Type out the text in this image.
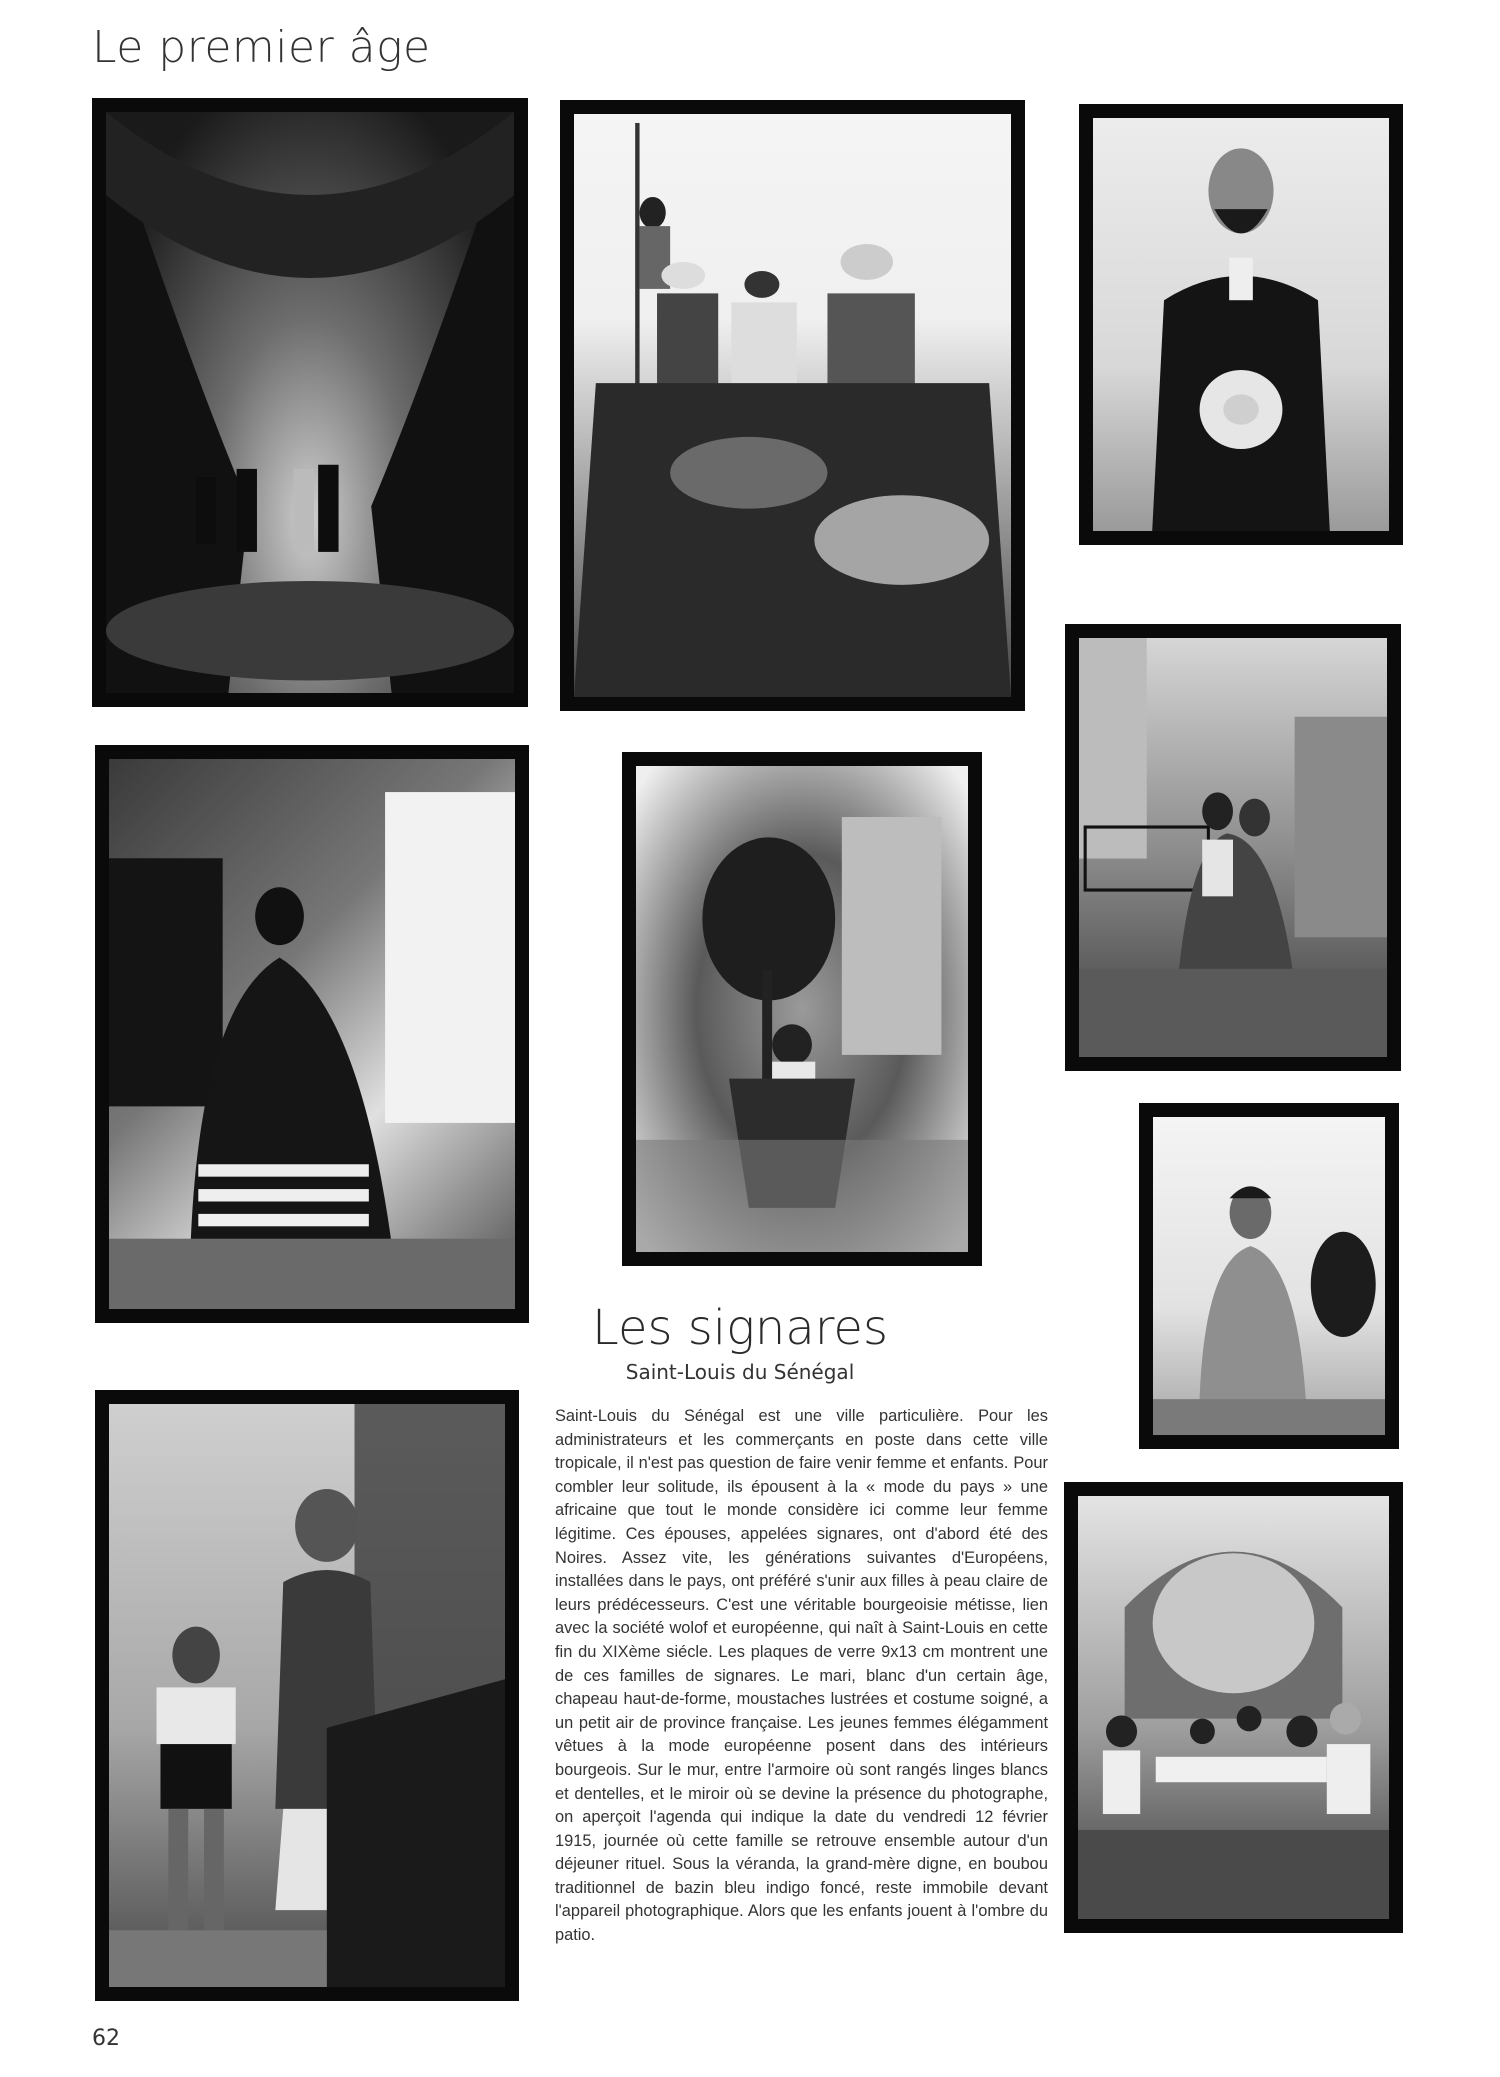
Le premier âge
Les signares
Saint-Louis du Sénégal
Saint-Louis du Sénégal est une ville particulière. Pour les administrateurs et les commerçants en poste dans cette ville tropicale, il n'est pas question de faire venir femme et enfants. Pour combler leur solitude, ils épousent à la « mode du pays » une africaine que tout le monde considère ici comme leur femme légitime. Ces épouses, appelées signares, ont d'abord été des Noires. Assez vite, les générations suivantes d'Européens, installées dans le pays, ont préféré s'unir aux filles à peau claire de leurs prédécesseurs. C'est une véritable bourgeoisie métisse, lien avec la société wolof et européenne, qui naît à Saint-Louis en cette fin du XIXème siécle. Les plaques de verre 9x13 cm montrent une de ces familles de signares. Le mari, blanc d'un certain âge, chapeau haut-de-forme, moustaches lustrées et costume soigné, a un petit air de province française. Les jeunes femmes élégamment vêtues à la mode européenne posent dans des intérieurs bourgeois. Sur le mur, entre l'armoire où sont rangés linges blancs et dentelles, et le miroir où se devine la présence du photographe, on aperçoit l'agenda qui indique la date du vendredi 12 février 1915, journée où cette famille se retrouve ensemble autour d'un déjeuner rituel. Sous la véranda, la grand-mère digne, en boubou traditionnel de bazin bleu indigo foncé, reste immobile devant l'appareil photographique. Alors que les enfants jouent à l'ombre du patio.
62
